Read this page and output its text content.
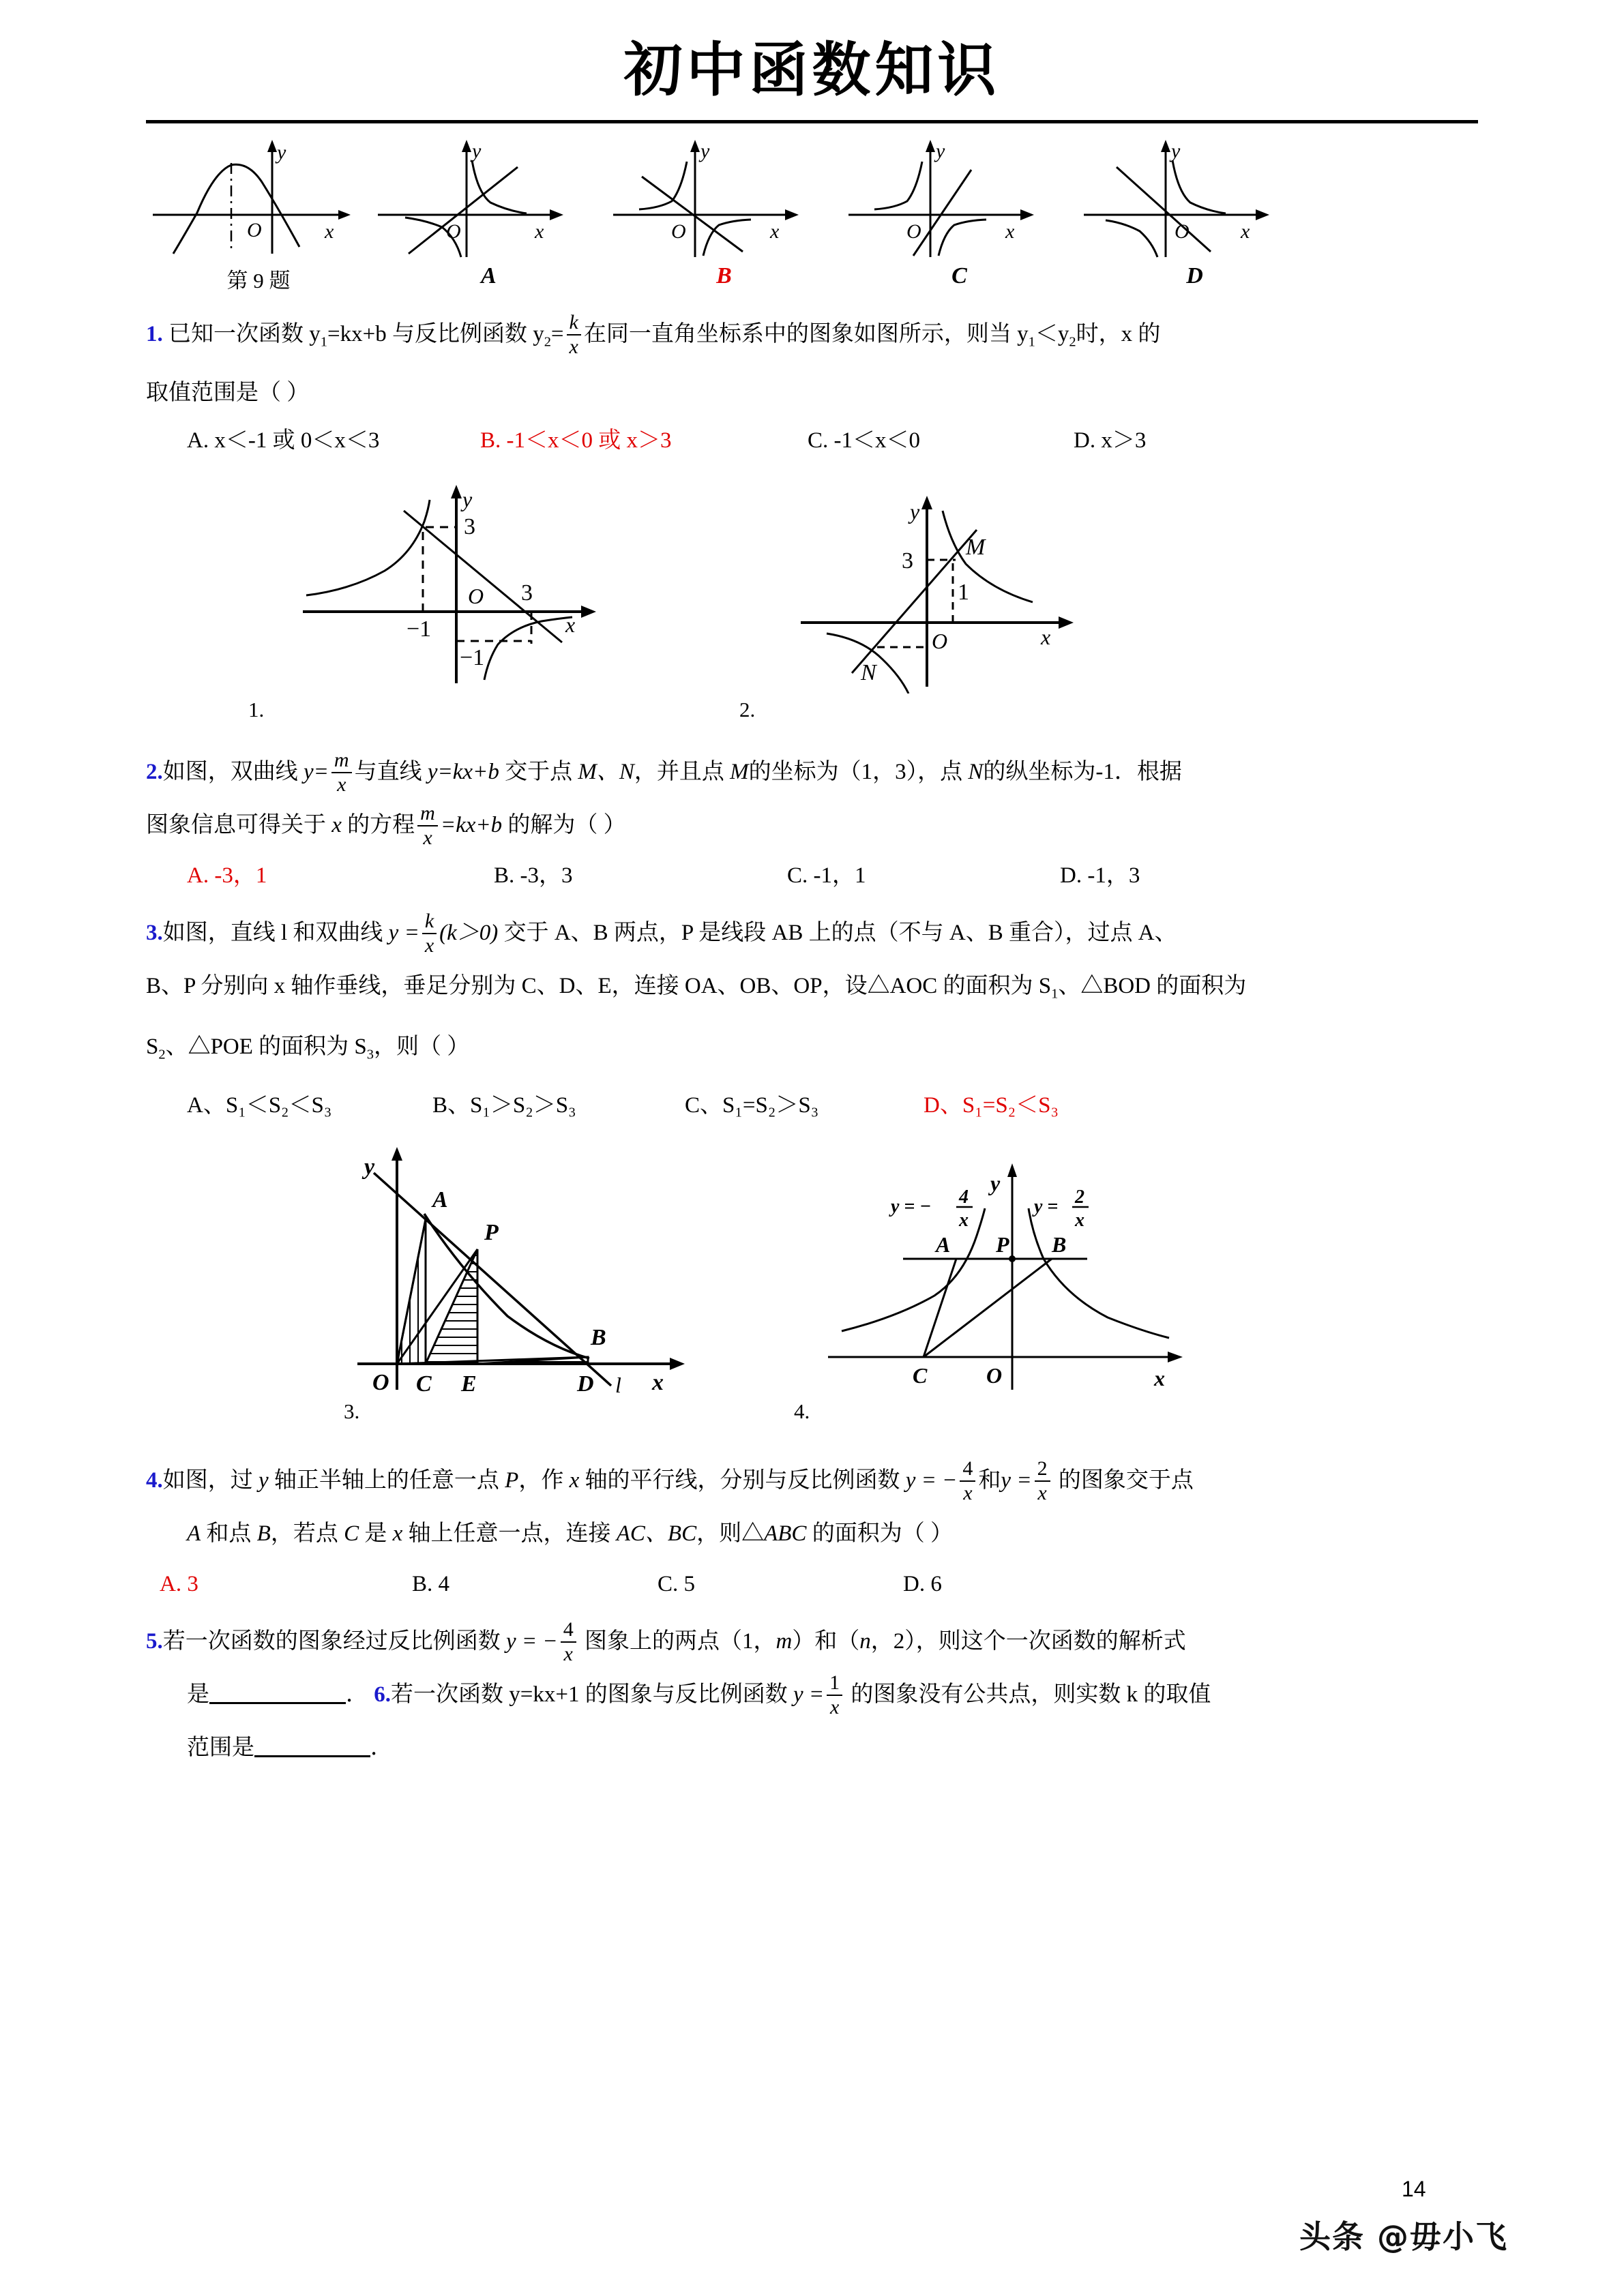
初中函数知识
y
x
O
第 9 题
y
x
O
A
y
x
O
B
y
x
O
C
y
x
O
D

1. 已知一次函数 $y_1=kx+b$ 与反比例函数 $y_2= \frac{k}{x}$ 在同一直角坐标系中的图象如图所示，则当 $y_1<y_2$时，x 的

取值范围是（ ）

A. x＜‑1 或 0＜x＜3	B. ‑1＜x＜0 或 x＞3	C. ‑1＜x＜0	D. x＞3

3
−1
3
−1
y
x
O
1.
3
1
M
N
y
x
O
2.

2.如图，双曲线 $y= \frac{m}{x}$ 与直线 y=kx+b 交于点 M、N，并且点 M的坐标为（1，3），点 N的纵坐标为‑1．根据

图象信息可得关于 x 的方程 $\frac{m}{x} =kx+b$ 的解为（ ）

A. ‑3，1	B. ‑3，3	C. ‑1，1	D. ‑1，3

3.如图，直线 l 和双曲线 $y = \frac{k}{x} (k>0)$ 交于 A、B 两点，P 是线段 AB 上的点（不与 A、B 重合），过点 A、

B、P 分别向 x 轴作垂线，垂足分别为 C、D、E，连接 OA、OB、OP，设△AOC 的面积为 $S_1$、△BOD 的面积为

$S_2$、△POE 的面积为 $S_3$，则（ ）

A、S₁＜S₂＜S₃	B、S₁＞S₂＞S₃	C、S₁=S₂＞S₃	D、S₁=S₂＜S₃

y
A
P
B
O C E	D l x
3.
y = − 4
x
y = 2
x
A P B
C	O
y
x
4.

4.如图，过 y 轴正半轴上的任意一点 P，作 x 轴的平行线，分别与反比例函数 y = − $\frac{4}{x}$ 和$y = \frac{2}{x}$ 的图象交于点

A 和点 B，若点 C 是 x 轴上任意一点，连接 AC、BC，则△ABC 的面积为（ ）

A. 3	B. 4	C. 5	D. 6

5.若一次函数的图象经过反比例函数 y = − $\frac{4}{x}$ 图象上的两点（1，m）和（n，2），则这个一次函数的解析式

是	． 6.若一次函数 y=kx+1 的图象与反比例函数 $y = \frac{1}{x}$ 的图象没有公共点，则实数 k 的取值

范围是	．

14
头条 @毋小飞
